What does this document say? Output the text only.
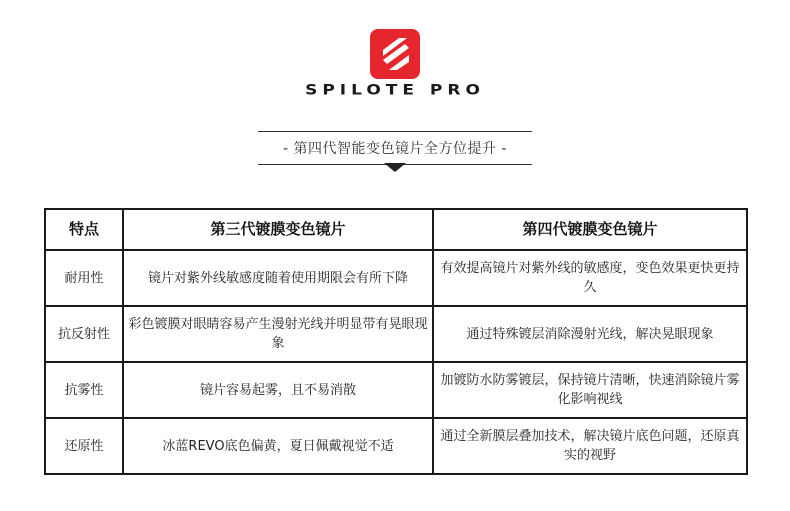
SPILOTE PRO
- 第四代智能变色镜片全方位提升 -
特点	第三代镀膜变色镜片	第四代镀膜变色镜片
耐用性	镜片对紫外线敏感度随着使用期限会有所下降	有效提高镜片对紫外线的敏感度，变色效果更快更持久
抗反射性	彩色镀膜对眼睛容易产生漫射光线并明显带有晃眼现象	通过特殊镀层消除漫射光线，解决晃眼现象
抗雾性	镜片容易起雾，且不易消散	加镀防水防雾镀层，保持镜片清晰，快速消除镜片雾化影响视线
还原性	冰蓝REVO底色偏黄，夏日佩戴视觉不适	通过全新膜层叠加技术，解决镜片底色问题，还原真实的视野
